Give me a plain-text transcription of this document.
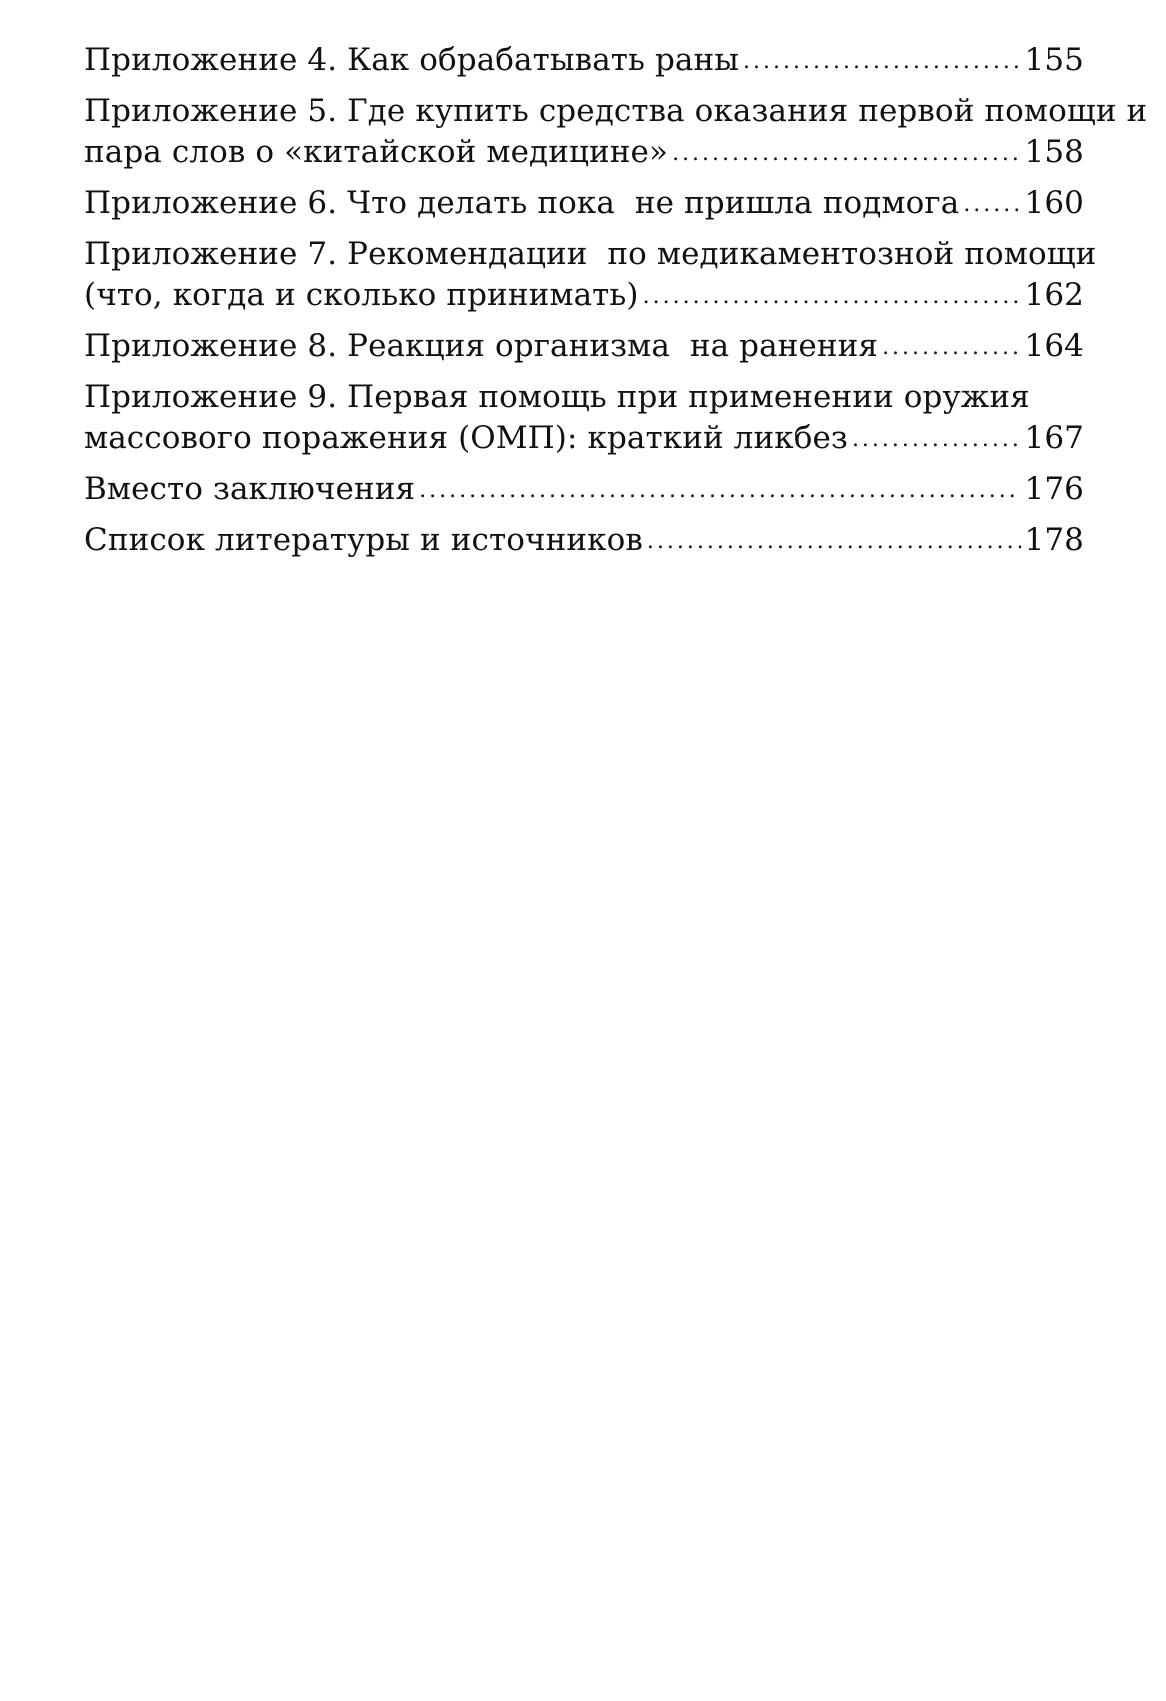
Приложение 4. Как обрабатывать раны .....	155
Приложение 5. Где купить средства оказания первой помощи и
пара слов о «китайской медицине» .....	158
Приложение 6. Что делать пока  не пришла подмога ..... 160
Приложение 7. Рекомендации  по медикаментозной помощи
(что, когда и сколько принимать) .....	162
Приложение 8. Реакция организма  на ранения .....	164
Приложение 9. Первая помощь при применении оружия
массового поражения (ОМП): краткий ликбез .....	167
Вместо заключения .....	176
Список литературы и источников .....	178
